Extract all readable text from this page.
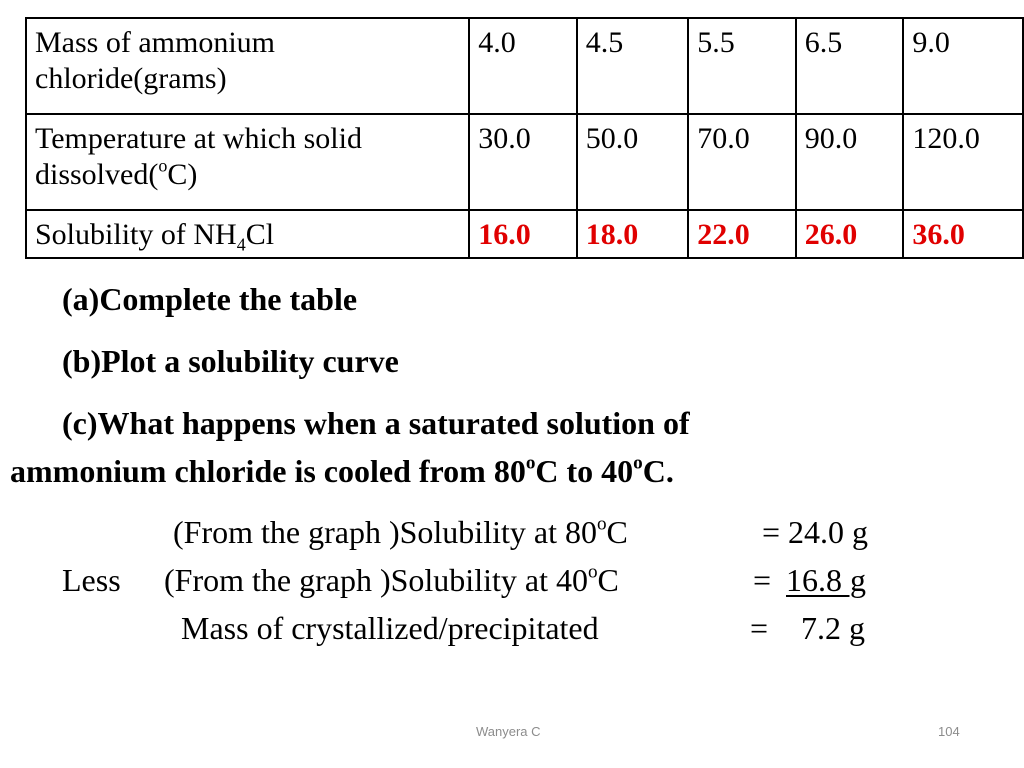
Mass of ammonium chloride(grams)	4.0	4.5	5.5	6.5	9.0
Temperature at which solid dissolved($^o$C)	30.0	50.0	70.0	90.0	120.0
Solubility of $NH_4Cl$	16.0	18.0	22.0	26.0	36.0
(a)Complete the table
(b)Plot a solubility curve
(c)What happens when a saturated solution of
ammonium chloride is cooled from 80$^o$C to 40$^o$C.
(From the graph )Solubility at $80^oC$	= 24.0 g
Less (From the graph )Solubility at $40^oC$	= 16.8 g
Mass of crystallized/precipitated	= 7.2 g
Wanyera C	104
